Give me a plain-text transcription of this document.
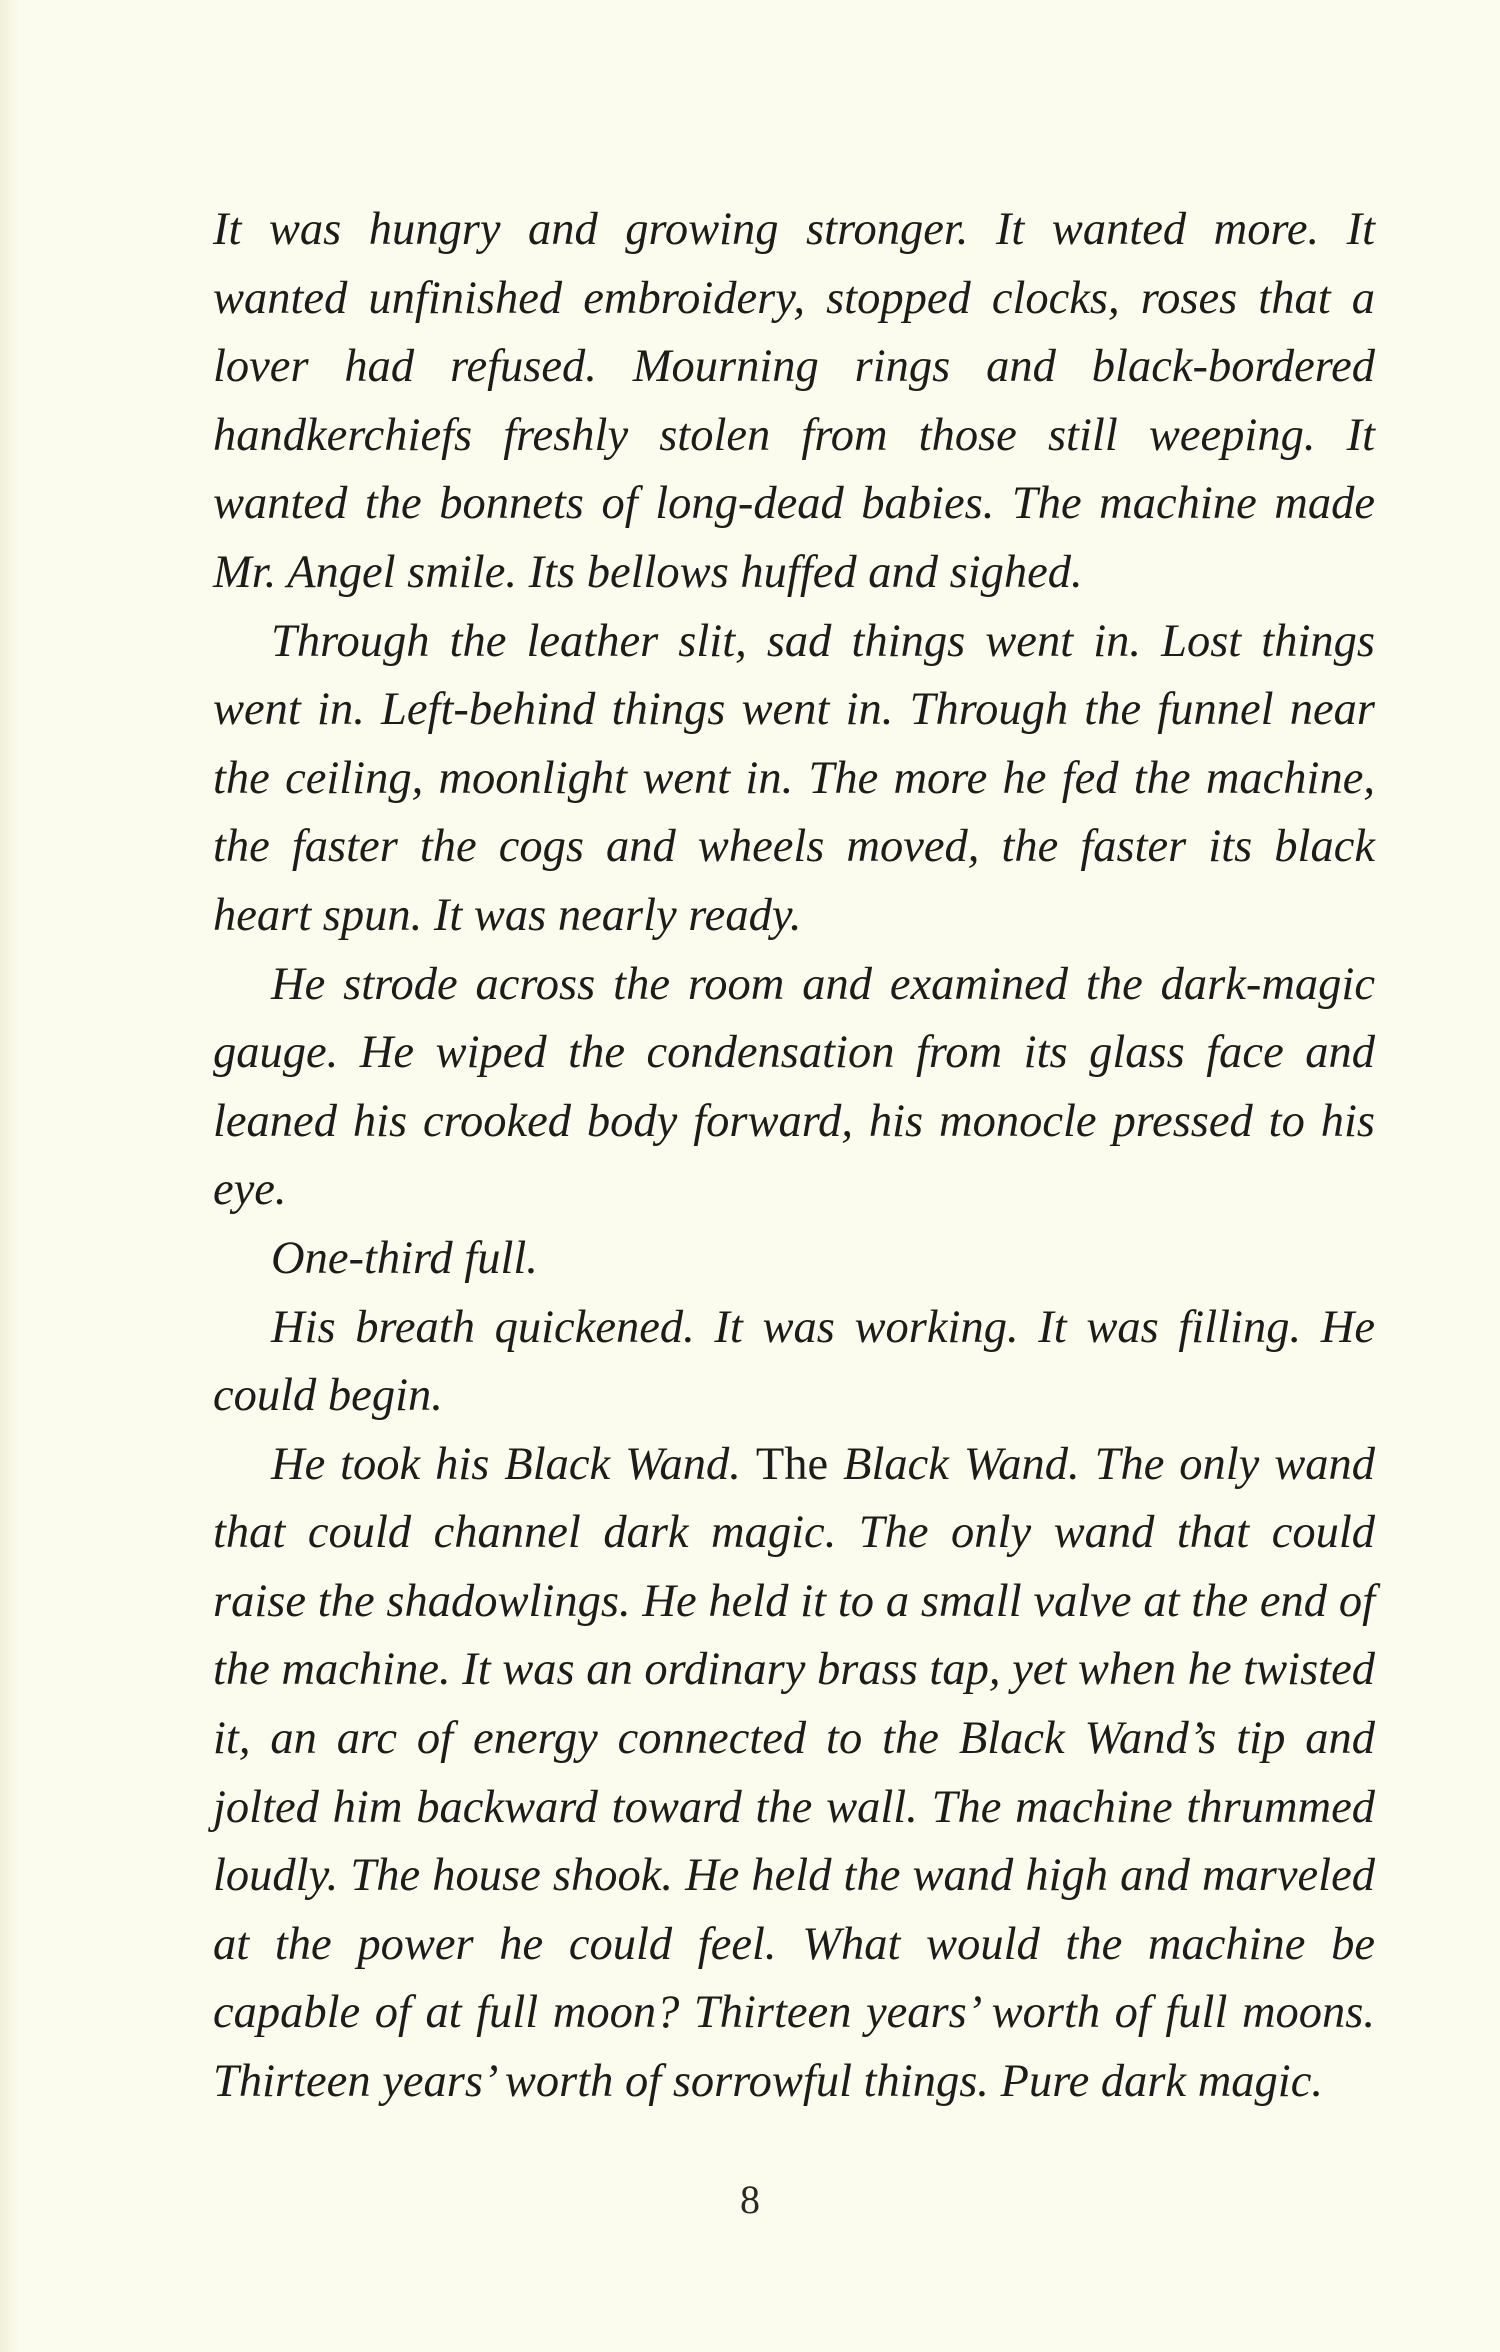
It was hungry and growing stronger. It wanted more. It wanted unfinished embroidery, stopped clocks, roses that a lover had refused. Mourning rings and black-bordered handkerchiefs freshly stolen from those still weeping. It wanted the bonnets of long-dead babies. The machine made Mr. Angel smile. Its bellows huffed and sighed.

Through the leather slit, sad things went in. Lost things went in. Left-behind things went in. Through the funnel near the ceiling, moonlight went in. The more he fed the machine, the faster the cogs and wheels moved, the faster its black heart spun. It was nearly ready.

He strode across the room and examined the dark-magic gauge. He wiped the condensation from its glass face and leaned his crooked body forward, his monocle pressed to his eye.

One-third full.

His breath quickened. It was working. It was filling. He could begin.

He took his Black Wand. The Black Wand. The only wand that could channel dark magic. The only wand that could raise the shadowlings. He held it to a small valve at the end of the machine. It was an ordinary brass tap, yet when he twisted it, an arc of energy connected to the Black Wand’s tip and jolted him backward toward the wall. The machine thrummed loudly. The house shook. He held the wand high and marveled at the power he could feel. What would the machine be capable of at full moon? Thirteen years’ worth of full moons. Thirteen years’ worth of sorrowful things. Pure dark magic.

8
